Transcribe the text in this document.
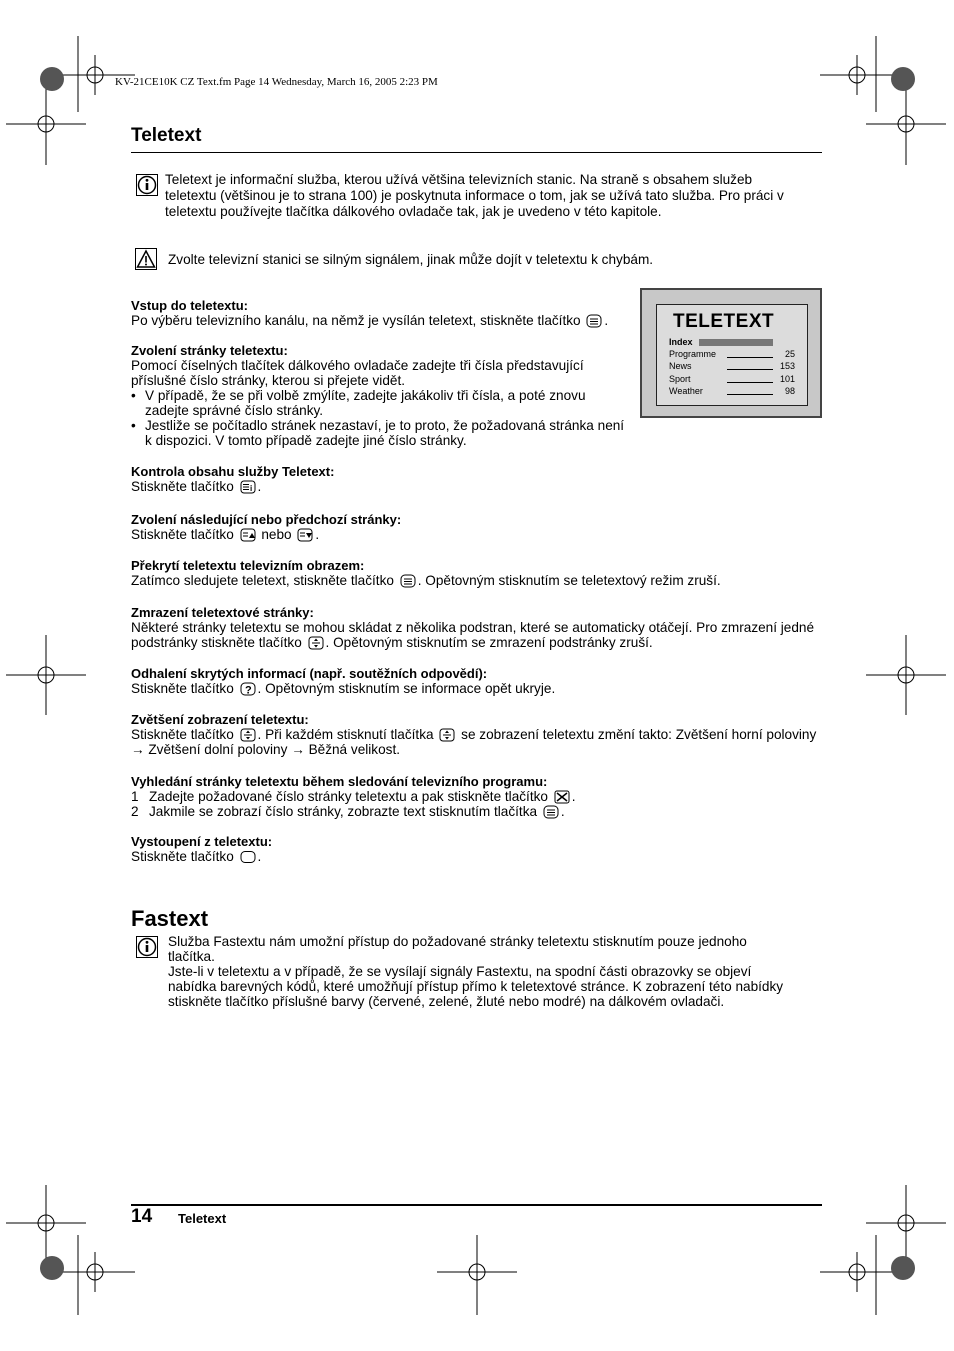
KV-21CE10K CZ Text.fm Page 14 Wednesday, March 16, 2005 2:23 PM
Teletext
Teletext je informační služba, kterou užívá většina televizních stanic. Na straně s obsahem služeb
teletextu (většinou je to strana 100) je poskytnuta informace o tom, jak se užívá tato služba. Pro práci v
teletextu používejte tlačítka dálkového ovladače tak, jak je uvedeno v této kapitole.
Zvolte televizní stanici se silným signálem, jinak může dojít v teletextu k chybám.
TELETEXT
Index
Programme	25
News	153
Sport	101
Weather	98
Vstup do teletextu:

Po výběru televizního kanálu, na němž je vysílán teletext, stiskněte tlačítko .

Zvolení stránky teletextu:

Pomocí číselných tlačítek dálkového ovladače zadejte tři čísla představující příslušné číslo stránky, kterou si přejete vidět.

• V případě, že se při volbě zmýlíte, zadejte jakákoliv tři čísla, a poté znovu zadejte správné číslo stránky.
• Jestliže se počítadlo stránek nezastaví, je to proto, že požadovaná stránka není k dispozici. V tomto případě zadejte jiné číslo stránky.
Kontrola obsahu služby Teletext:

Stiskněte tlačítko i .

Zvolení následující nebo předchozí stránky:

Stiskněte tlačítko nebo .

Překrytí teletextu televizním obrazem:

Zatímco sledujete teletext, stiskněte tlačítko . Opětovným stisknutím se teletextový režim zruší.

Zmrazení teletextové stránky:

Některé stránky teletextu se mohou skládat z několika podstran, které se automaticky otáčejí. Pro zmrazení jedné podstránky stiskněte tlačítko . Opětovným stisknutím se zmrazení podstránky zruší.

Odhalení skrytých informací (např. soutěžních odpovědí):

Stiskněte tlačítko ? . Opětovným stisknutím se informace opět ukryje.

Zvětšení zobrazení teletextu:

Stiskněte tlačítko . Při každém stisknutí tlačítka se zobrazení teletextu změní takto: Zvětšení horní poloviny → Zvětšení dolní poloviny → Běžná velikost.

Vyhledání stránky teletextu během sledování televizního programu:
1 Zadejte požadované číslo stránky teletextu a pak stiskněte tlačítko .
2 Jakmile se zobrazí číslo stránky, zobrazte text stisknutím tlačítka .
Vystoupení z teletextu:

Stiskněte tlačítko .

Fastext
Služba Fastextu nám umožní přístup do požadované stránky teletextu stisknutím pouze jednoho
tlačítka.
Jste-li v teletextu a v případě, že se vysílají signály Fastextu, na spodní části obrazovky se objeví
nabídka barevných kódů, které umožňují přístup přímo k teletextové stránce. K zobrazení této nabídky
stiskněte tlačítko příslušné barvy (červené, zelené, žluté nebo modré) na dálkovém ovladači.
14 Teletext
